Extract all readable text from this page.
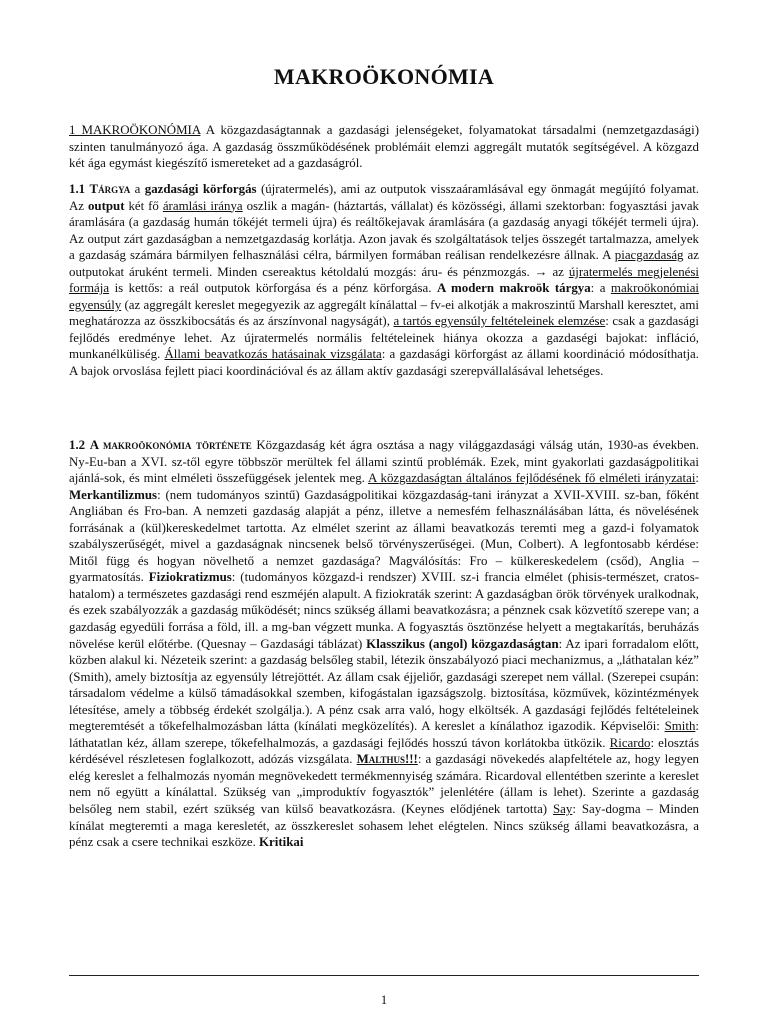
MAKROÖKONÓMIA
1 MAKROÖKONÓMIA A közgazdaságtannak a gazdasági jelenségeket, folyamatokat társadalmi (nemzetgazdasági) szinten tanulmányozó ága. A gazdaság összműködésének problémáit elemzi aggregált mutatók segítségével. A közgazd két ága egymást kiegészítő ismereteket ad a gazdaságról.
1.1 Tárgya a gazdasági körforgás (újratermelés), ami az outputok visszaáramlásával egy önmagát megújító folyamat. Az output két fő áramlási iránya oszlik a magán- (háztartás, vállalat) és közösségi, állami szektorban: fogyasztási javak áramlására (a gazdaság humán tőkéjét termeli újra) és reáltőkejavak áramlására (a gazdaság anyagi tőkéjét termeli újra). Az output zárt gazdaságban a nemzetgazdaság korlátja. Azon javak és szolgáltatások teljes összegét tartalmazza, amelyek a gazdaság számára bármilyen felhasználási célra, bármilyen formában reálisan rendelkezésre állnak. A piacgazdaság az outputokat áruként termeli. Minden csereaktus kétoldalú mozgás: áru- és pénzmozgás. → az újratermelés megjelenési formája is kettős: a reál outputok körforgása és a pénz körforgása. A modern makroök tárgya: a makroökonómiai egyensúly (az aggregált kereslet megegyezik az aggregált kínálattal – fv-ei alkotják a makroszintű Marshall keresztet, ami meghatározza az összkibocsátás és az árszínvonal nagyságát), a tartós egyensúly feltételeinek elemzése: csak a gazdasági fejlődés eredménye lehet. Az újratermelés normális feltételeinek hiánya okozza a gazdaségi bajokat: infláció, munkanélküliség. Állami beavatkozás hatásainak vizsgálata: a gazdasági körforgást az állami koordináció módosíthatja. A bajok orvoslása fejlett piaci koordinációval és az állam aktív gazdasági szerepvállalásával lehetséges.
1.2 A makroökonómia története Közgazdaság két ágra osztása a nagy világgazdasági válság után, 1930-as években. Ny-Eu-ban a XVI. sz-től egyre többször merültek fel állami szintű problémák. Ezek, mint gyakorlati gazdaságpolitikai ajánlá-sok, és mint elméleti összefüggések jelentek meg. A közgazdaságtan általános fejlődésének fő elméleti irányzatai: Merkantilizmus: (nem tudományos szintű) Gazdaságpolitikai közgazdaság-tani irányzat a XVII-XVIII. sz-ban, főként Angliában és Fro-ban. A nemzeti gazdaság alapját a pénz, illetve a nemesfém felhasználásában látta, és növelésének forrásának a (kül)kereskedelmet tartotta. Az elmélet szerint az állami beavatkozás teremti meg a gazd-i folyamatok szabályszerűségét, mivel a gazdaságnak nincsenek belső törvényszerűségei. (Mun, Colbert). A legfontosabb kérdése: Mitől függ és hogyan növelhető a nemzet gazdasága? Magválósítás: Fro – külkereskedelem (csőd), Anglia – gyarmatosítás. Fiziokratizmus: (tudományos közgazd-i rendszer) XVIII. sz-i francia elmélet (phisis-természet, cratos-hatalom) a természetes gazdasági rend eszméjén alapult. A fiziokraták szerint: A gazdaságban örök törvények uralkodnak, és ezek szabályozzák a gazdaság működését; nincs szükség állami beavatkozásra; a pénznek csak közvetítő szerepe van; a gazdaság egyedüli forrása a föld, ill. a mg-ban végzett munka. A fogyasztás ösztönzése helyett a megtakarítás, beruházás növelése kerül előtérbe. (Quesnay – Gazdasági táblázat) Klasszikus (angol) közgazdaságtan: Az ipari forradalom előtt, közben alakul ki. Nézeteik szerint: a gazdaság belsőleg stabil, létezik önszabályozó piaci mechanizmus, a „láthatalan kéz” (Smith), amely biztosítja az egyensúly létrejöttét. Az állam csak éjjeliőr, gazdasági szerepet nem vállal. (Szerepei csupán: társadalom védelme a külső támadásokkal szemben, kifogástalan igazságszolg. biztosítása, közművek, közintézmények létesítése, amely a többség érdekét szolgálja.). A pénz csak arra való, hogy elköltsék. A gazdasági fejlődés feltételeinek megteremtését a tőkefelhalmozásban látta (kínálati megközelítés). A kereslet a kínálathoz igazodik. Képviselői: Smith: láthatatlan kéz, állam szerepe, tőkefelhalmozás, a gazdasági fejlődés hosszú távon korlátokba ütközik. Ricardo: elosztás kérdésével részletesen foglalkozott, adózás vizsgálata. Malthus!!!: a gazdasági növekedés alapfeltétele az, hogy legyen elég kereslet a felhalmozás nyomán megnövekedett termékmennyiség számára. Ricardoval ellentétben szerinte a kereslet nem nő együtt a kínálattal. Szükség van „improduktív fogyasztók” jelenlétére (állam is lehet). Szerinte a gazdaság belsőleg nem stabil, ezért szükség van külső beavatkozásra. (Keynes elődjének tartotta) Say: Say-dogma – Minden kínálat megteremti a maga keresletét, az összkereslet sohasem lehet elégtelen. Nincs szükség állami beavatkozásra, a pénz csak a csere technikai eszköze. Kritikai
1
